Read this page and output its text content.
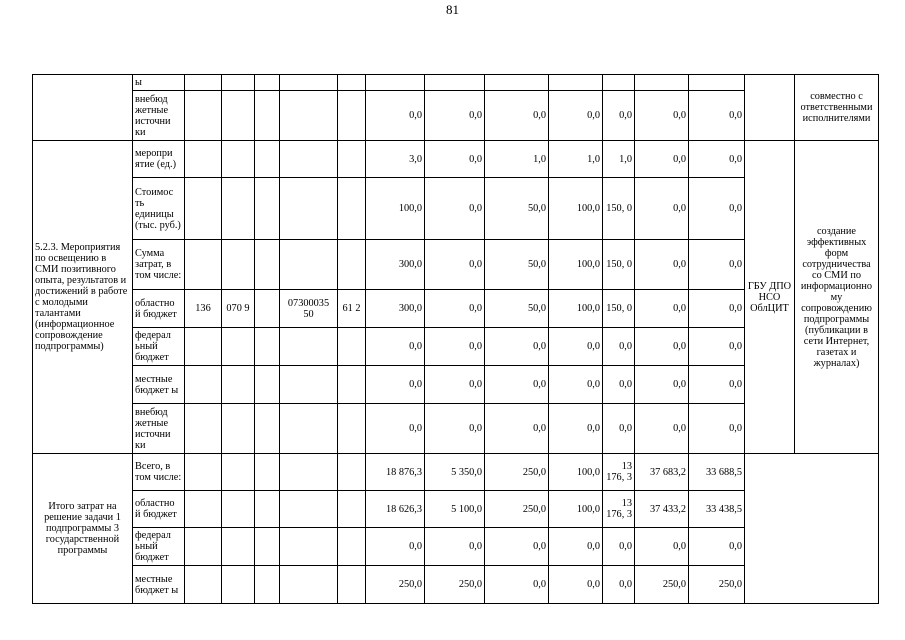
81
	ы														совместно с ответственными исполнителями
	внебюд жетные источни ки						0,0	0,0	0,0	0,0	0,0	0,0	0,0		
5.2.3. Мероприятия по освещению в СМИ позитивного опыта, результатов и достижений в работе с молодыми талантами (информационное сопровождение подпрограммы)	меропри ятие (ед.)						3,0	0,0	1,0	1,0	1,0	0,0	0,0	ГБУ ДПО НСО ОблЦИТ	создание эффективных форм сотрудничества со СМИ по информационно му сопровождению подпрограммы (публикации в сети Интернет, газетах и журналах)
	Стоимос ть единицы (тыс. руб.)						100,0	0,0	50,0	100,0	150, 0	0,0	0,0		
	Сумма затрат, в том числе:						300,0	0,0	50,0	100,0	150, 0	0,0	0,0		
	областно й бюджет	136	070 9		07300035 50	61 2	300,0	0,0	50,0	100,0	150, 0	0,0	0,0		
	федерал ьный бюджет						0,0	0,0	0,0	0,0	0,0	0,0	0,0		
	местные бюджет ы						0,0	0,0	0,0	0,0	0,0	0,0	0,0		
	внебюд жетные источни ки						0,0	0,0	0,0	0,0	0,0	0,0	0,0		
Итого затрат на решение задачи 1 подпрограммы 3 государственной программы	Всего, в том числе:						18 876,3	5 350,0	250,0	100,0	13 176, 3	37 683,2	33 688,5		
	областно й бюджет						18 626,3	5 100,0	250,0	100,0	13 176, 3	37 433,2	33 438,5		
	федерал ьный бюджет						0,0	0,0	0,0	0,0	0,0	0,0	0,0		
	местные бюджет ы						250,0	250,0	0,0	0,0	0,0	250,0	250,0		
